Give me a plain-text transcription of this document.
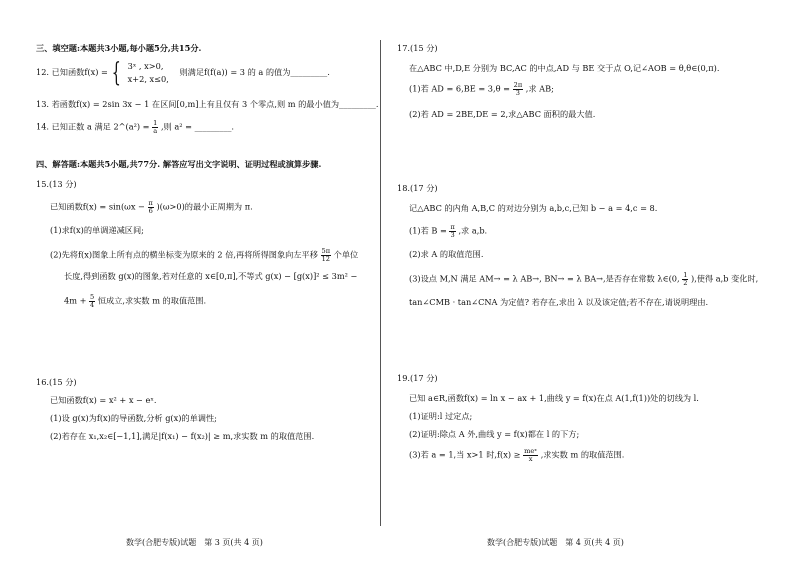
三、填空题:本题共3小题,每小题5分,共15分.
12. 已知函数f(x) = { 3ˣ , x>0,
x+2, x≤0,
则满足f(f(a)) = 3 的 a 的值为_________.
13. 若函数f(x) = 2sin 3x − 1 在区间[0,m]上有且仅有 3 个零点,则 m 的最小值为_________.
14. 已知正数 a 满足 2^(a²) = $\frac{1}{a}$ ,则 a² = _________.
四、解答题:本题共5小题,共77分. 解答应写出文字说明、证明过程或演算步骤.
15.(13 分)
已知函数$f(x) = \sin(\omega x - \frac{\pi}{6} )(\omega>0)$的最小正周期为 π.
(1)求f(x)的单调递减区间;
(2)先将f(x)图象上所有点的横坐标变为原来的 2 倍,再将所得图象向左平移 $\frac{5\pi}{12}$ 个单位
长度,得到函数 g(x)的图象,若对任意的 x∈[0,π],不等式 g(x) − [g(x)]² ≤ 3m² −
$4m + \frac{5}{4}$ 恒成立,求实数 m 的取值范围.
16.(15 分)
已知函数f(x) = x² + x − eˣ.
(1)设 g(x)为f(x)的导函数,分析 g(x)的单调性;
(2)若存在 x₁,x₂∈[−1,1],满足|f(x₁) − f(x₂)| ≥ m,求实数 m 的取值范围.
数学(合肥专版)试题　第 3 页(共 4 页)
17.(15 分)
在△ABC 中,D,E 分别为 BC,AC 的中点,AD 与 BE 交于点 O,记∠AOB = θ,θ∈(0,π).
(1)若 AD = $6,BE = 3,\theta = \frac{2\pi}{3}$ ,求 AB;
(2)若 AD = 2BE,DE = 2,求△ABC 面积的最大值.
18.(17 分)
记△ABC 的内角 A,B,C 的对边分别为 a,b,c,已知 b − a = 4,c = 8.
(1)若 $B = \frac{\pi}{3}$ ,求 a,b.
(2)求 A 的取值范围.
(3)设点 M,N 满足 AM→ = λ AB→, BN→ = λ BA→,是否存在常数 λ∈(0, $\frac{1}{2}$ ),使得 a,b 变化时,
tan∠CMB · tan∠CNA 为定值? 若存在,求出 λ 以及该定值;若不存在,请说明理由.
19.(17 分)
已知 a∈R,函数f(x) = ln x − ax + 1,曲线 y = f(x)在点 A(1,f(1))处的切线为 l.
(1)证明:l 过定点;
(2)证明:除点 A 外,曲线 y = f(x)都在 l 的下方;
(3)若 a = 1,当 x>1 时$,f(x) \ge \frac{\text{meˣ}}{x}$ ,求实数 m 的取值范围.
数学(合肥专版)试题　第 4 页(共 4 页)
